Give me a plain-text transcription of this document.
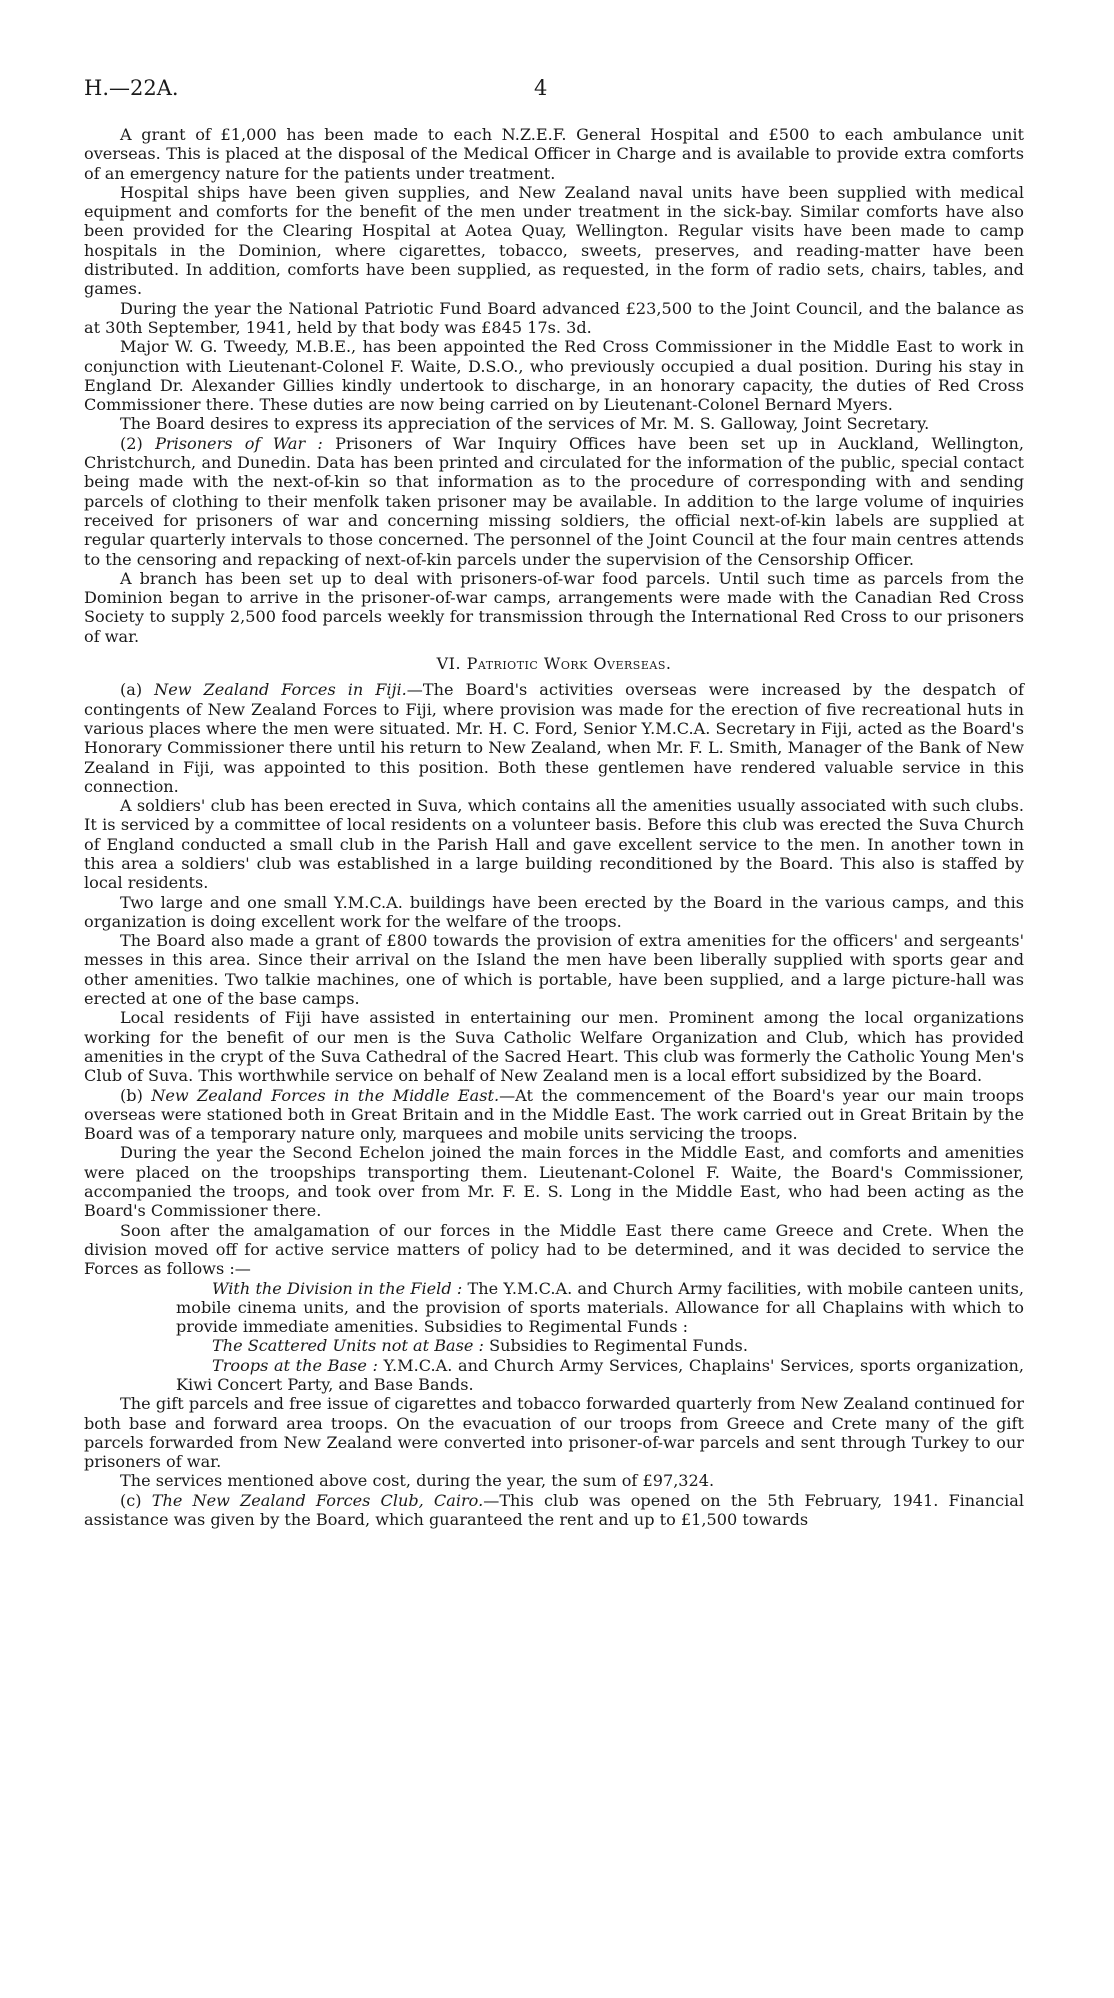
H.—22A.	4

A grant of £1,000 has been made to each N.Z.E.F. General Hospital and £500 to each ambulance unit overseas. This is placed at the disposal of the Medical Officer in Charge and is available to provide extra comforts of an emergency nature for the patients under treatment.

Hospital ships have been given supplies, and New Zealand naval units have been supplied with medical equipment and comforts for the benefit of the men under treatment in the sick-bay. Similar comforts have also been provided for the Clearing Hospital at Aotea Quay, Wellington. Regular visits have been made to camp hospitals in the Dominion, where cigarettes, tobacco, sweets, preserves, and reading-matter have been distributed. In addition, comforts have been supplied, as requested, in the form of radio sets, chairs, tables, and games.

During the year the National Patriotic Fund Board advanced £23,500 to the Joint Council, and the balance as at 30th September, 1941, held by that body was £845 17s. 3d.

Major W. G. Tweedy, M.B.E., has been appointed the Red Cross Commissioner in the Middle East to work in conjunction with Lieutenant-Colonel F. Waite, D.S.O., who previously occupied a dual position. During his stay in England Dr. Alexander Gillies kindly undertook to discharge, in an honorary capacity, the duties of Red Cross Commissioner there. These duties are now being carried on by Lieutenant-Colonel Bernard Myers.

The Board desires to express its appreciation of the services of Mr. M. S. Galloway, Joint Secretary.

(2) Prisoners of War : Prisoners of War Inquiry Offices have been set up in Auckland, Wellington, Christchurch, and Dunedin. Data has been printed and circulated for the information of the public, special contact being made with the next-of-kin so that information as to the procedure of corresponding with and sending parcels of clothing to their menfolk taken prisoner may be available. In addition to the large volume of inquiries received for prisoners of war and concerning missing soldiers, the official next-of-kin labels are supplied at regular quarterly intervals to those concerned. The personnel of the Joint Council at the four main centres attends to the censoring and repacking of next-of-kin parcels under the supervision of the Censorship Officer.

A branch has been set up to deal with prisoners-of-war food parcels. Until such time as parcels from the Dominion began to arrive in the prisoner-of-war camps, arrangements were made with the Canadian Red Cross Society to supply 2,500 food parcels weekly for transmission through the International Red Cross to our prisoners of war.

VI. Patriotic Work Overseas.

(a) New Zealand Forces in Fiji.—The Board's activities overseas were increased by the despatch of contingents of New Zealand Forces to Fiji, where provision was made for the erection of five recreational huts in various places where the men were situated. Mr. H. C. Ford, Senior Y.M.C.A. Secretary in Fiji, acted as the Board's Honorary Commissioner there until his return to New Zealand, when Mr. F. L. Smith, Manager of the Bank of New Zealand in Fiji, was appointed to this position. Both these gentlemen have rendered valuable service in this connection.

A soldiers' club has been erected in Suva, which contains all the amenities usually associated with such clubs. It is serviced by a committee of local residents on a volunteer basis. Before this club was erected the Suva Church of England conducted a small club in the Parish Hall and gave excellent service to the men. In another town in this area a soldiers' club was established in a large building reconditioned by the Board. This also is staffed by local residents.

Two large and one small Y.M.C.A. buildings have been erected by the Board in the various camps, and this organization is doing excellent work for the welfare of the troops.

The Board also made a grant of £800 towards the provision of extra amenities for the officers' and sergeants' messes in this area. Since their arrival on the Island the men have been liberally supplied with sports gear and other amenities. Two talkie machines, one of which is portable, have been supplied, and a large picture-hall was erected at one of the base camps.

Local residents of Fiji have assisted in entertaining our men. Prominent among the local organizations working for the benefit of our men is the Suva Catholic Welfare Organization and Club, which has provided amenities in the crypt of the Suva Cathedral of the Sacred Heart. This club was formerly the Catholic Young Men's Club of Suva. This worthwhile service on behalf of New Zealand men is a local effort subsidized by the Board.

(b) New Zealand Forces in the Middle East.—At the commencement of the Board's year our main troops overseas were stationed both in Great Britain and in the Middle East. The work carried out in Great Britain by the Board was of a temporary nature only, marquees and mobile units servicing the troops.

During the year the Second Echelon joined the main forces in the Middle East, and comforts and amenities were placed on the troopships transporting them. Lieutenant-Colonel F. Waite, the Board's Commissioner, accompanied the troops, and took over from Mr. F. E. S. Long in the Middle East, who had been acting as the Board's Commissioner there.

Soon after the amalgamation of our forces in the Middle East there came Greece and Crete. When the division moved off for active service matters of policy had to be determined, and it was decided to service the Forces as follows :—

With the Division in the Field : The Y.M.C.A. and Church Army facilities, with mobile canteen units, mobile cinema units, and the provision of sports materials. Allowance for all Chaplains with which to provide immediate amenities. Subsidies to Regimental Funds :

The Scattered Units not at Base : Subsidies to Regimental Funds.

Troops at the Base : Y.M.C.A. and Church Army Services, Chaplains' Services, sports organization, Kiwi Concert Party, and Base Bands.

The gift parcels and free issue of cigarettes and tobacco forwarded quarterly from New Zealand continued for both base and forward area troops. On the evacuation of our troops from Greece and Crete many of the gift parcels forwarded from New Zealand were converted into prisoner-of-war parcels and sent through Turkey to our prisoners of war.

The services mentioned above cost, during the year, the sum of £97,324.

(c) The New Zealand Forces Club, Cairo.—This club was opened on the 5th February, 1941. Financial assistance was given by the Board, which guaranteed the rent and up to £1,500 towards
